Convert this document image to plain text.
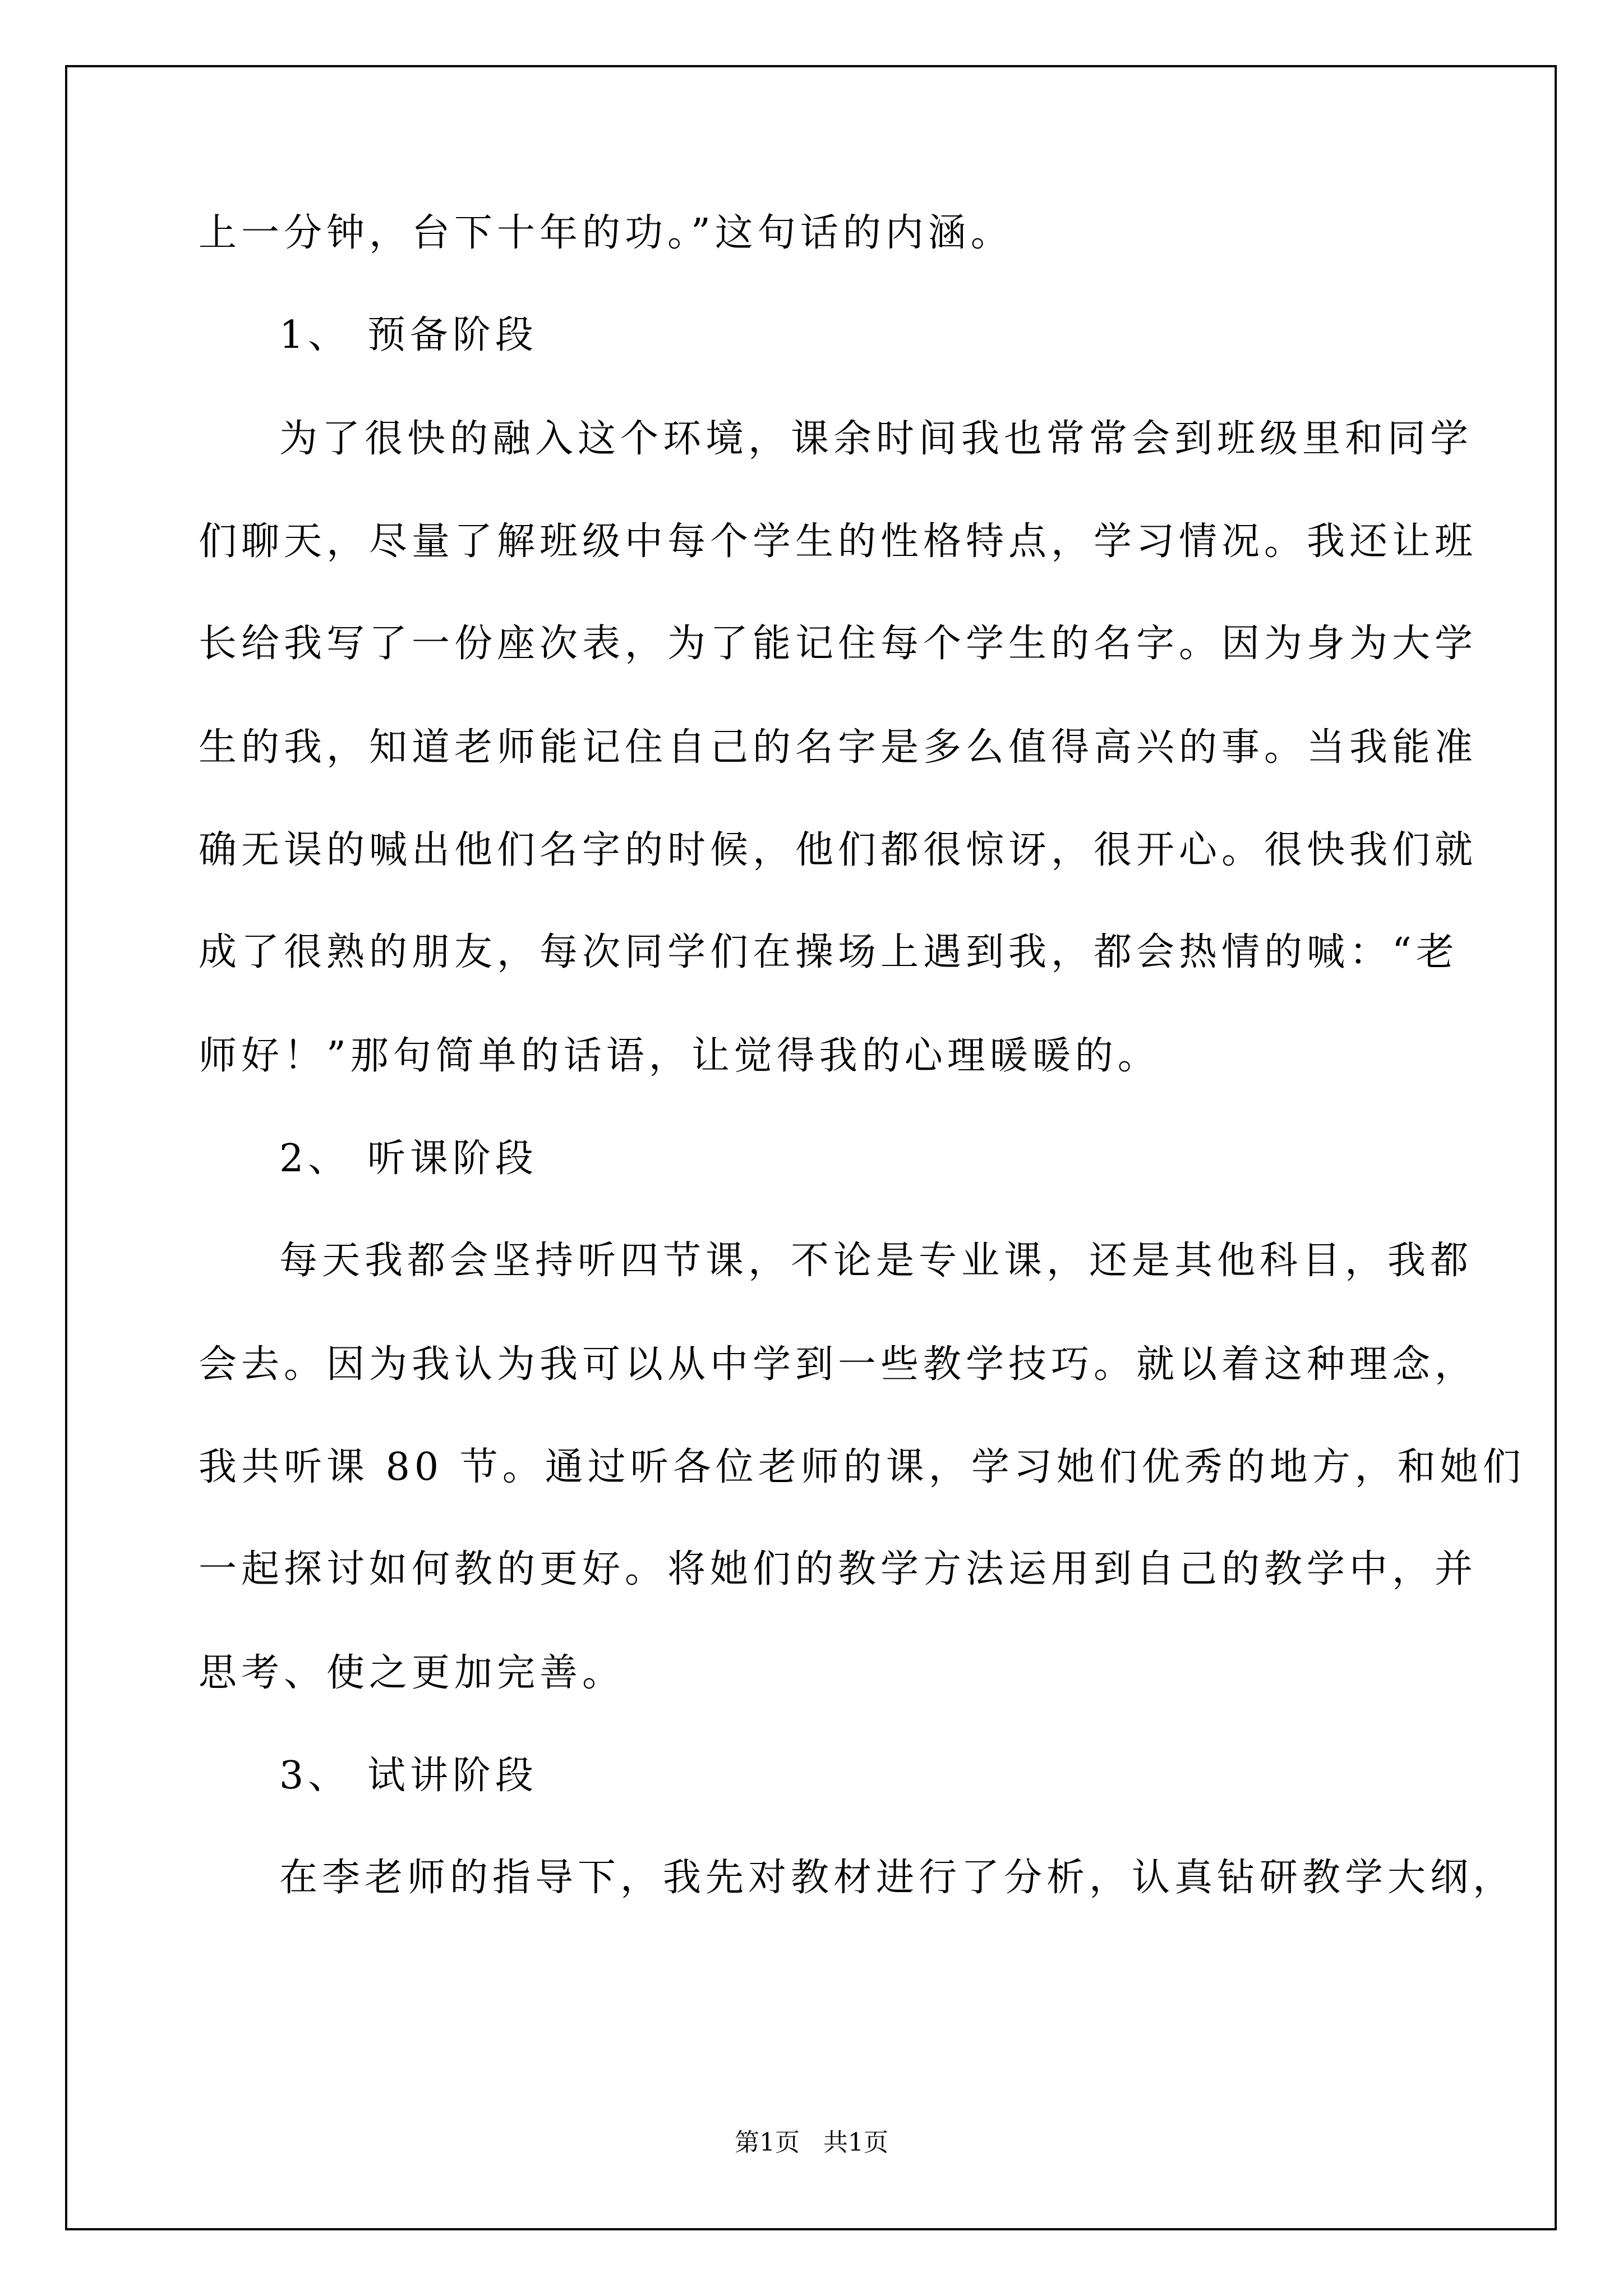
上一分钟，台下十年的功。”这句话的内涵。
1、 预备阶段
为了很快的融入这个环境，课余时间我也常常会到班级里和同学
们聊天，尽量了解班级中每个学生的性格特点，学习情况。我还让班
长给我写了一份座次表，为了能记住每个学生的名字。因为身为大学
生的我，知道老师能记住自己的名字是多么值得高兴的事。当我能准
确无误的喊出他们名字的时候，他们都很惊讶，很开心。很快我们就
成了很熟的朋友，每次同学们在操场上遇到我，都会热情的喊：“老
师好！”那句简单的话语，让觉得我的心理暖暖的。
2、 听课阶段
每天我都会坚持听四节课，不论是专业课，还是其他科目，我都
会去。因为我认为我可以从中学到一些教学技巧。就以着这种理念，
我共听课 80 节。通过听各位老师的课，学习她们优秀的地方，和她们
一起探讨如何教的更好。将她们的教学方法运用到自己的教学中，并
思考、使之更加完善。
3、 试讲阶段
在李老师的指导下，我先对教材进行了分析，认真钻研教学大纲，
第1页   共1页
